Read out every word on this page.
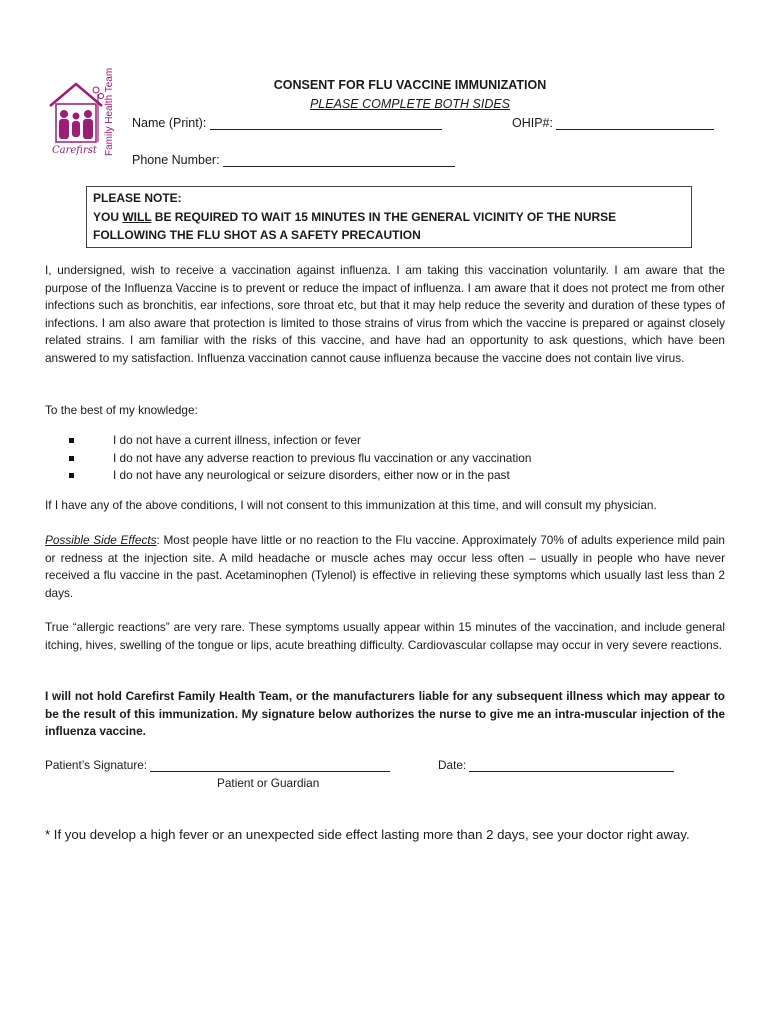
Carefirst Family Health Team	CONSENT FOR FLU VACCINE IMMUNIZATION
PLEASE COMPLETE BOTH SIDES
Name (Print):	OHIP#:
Phone Number:
PLEASE NOTE:
YOU WILL BE REQUIRED TO WAIT 15 MINUTES IN THE GENERAL VICINITY OF THE NURSE
FOLLOWING THE FLU SHOT AS A SAFETY PRECAUTION
I, undersigned, wish to receive a vaccination against influenza. I am taking this vaccination voluntarily. I am aware that the purpose of the Influenza Vaccine is to prevent or reduce the impact of influenza. I am aware that it does not protect me from other infections such as bronchitis, ear infections, sore throat etc, but that it may help reduce the severity and duration of these types of infections. I am also aware that protection is limited to those strains of virus from which the vaccine is prepared or against closely related strains. I am familiar with the risks of this vaccine, and have had an opportunity to ask questions, which have been answered to my satisfaction. Influenza vaccination cannot cause influenza because the vaccine does not contain live virus.
To the best of my knowledge:
I do not have a current illness, infection or fever
I do not have any adverse reaction to previous flu vaccination or any vaccination
I do not have any neurological or seizure disorders, either now or in the past
If I have any of the above conditions, I will not consent to this immunization at this time, and will consult my physician.
Possible Side Effects: Most people have little or no reaction to the Flu vaccine. Approximately 70% of adults experience mild pain or redness at the injection site. A mild headache or muscle aches may occur less often – usually in people who have never received a flu vaccine in the past. Acetaminophen (Tylenol) is effective in relieving these symptoms which usually last less than 2 days.
True “allergic reactions” are very rare. These symptoms usually appear within 15 minutes of the vaccination, and include general itching, hives, swelling of the tongue or lips, acute breathing difficulty. Cardiovascular collapse may occur in very severe reactions.
I will not hold Carefirst Family Health Team, or the manufacturers liable for any subsequent illness which may appear to be the result of this immunization. My signature below authorizes the nurse to give me an intra-muscular injection of the influenza vaccine.
Patient’s Signature:	Date:
Patient or Guardian
* If you develop a high fever or an unexpected side effect lasting more than 2 days, see your doctor right away.
